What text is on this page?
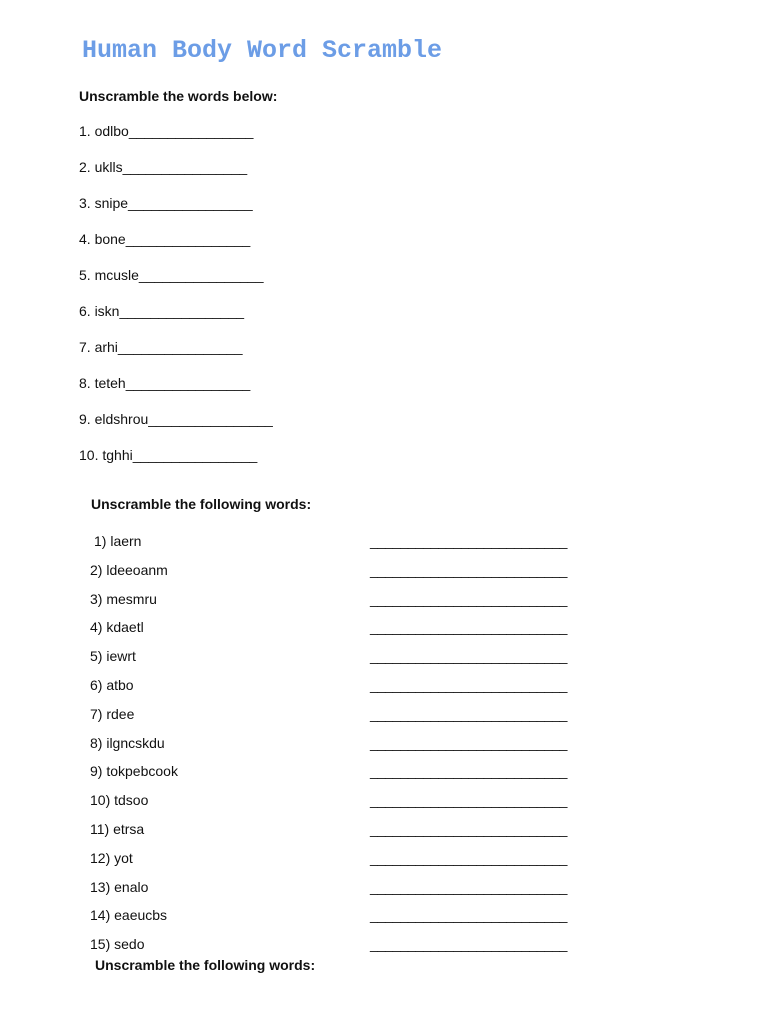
Human Body Word Scramble
Unscramble the words below:
1. odlbo________________
2. uklls________________
3. snipe________________
4. bone________________
5. mcusle________________
6. iskn________________
7. arhi________________
8. teteh________________
9. eldshrou________________
10. tghhi________________
Unscramble the following words:
1) laern	__________________________
2) ldeeoanm	__________________________
3) mesmru	__________________________
4) kdaetl	__________________________
5) iewrt	__________________________
6) atbo	__________________________
7) rdee	__________________________
8) ilgncskdu	__________________________
9) tokpebcook	__________________________
10) tdsoo	__________________________
11) etrsa	__________________________
12) yot	__________________________
13) enalo	__________________________
14) eaeucbs	__________________________
15) sedo	__________________________
Unscramble the following words:
